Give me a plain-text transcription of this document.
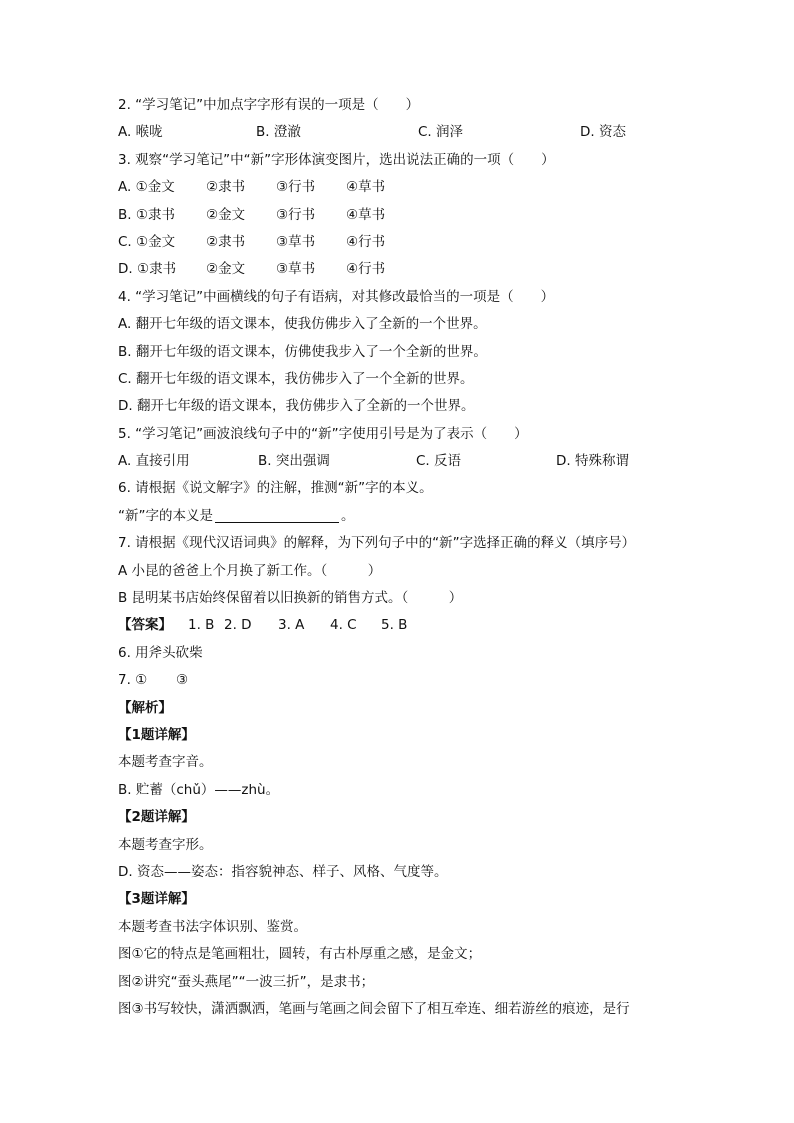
2. “学习笔记”中加点字字形有误的一项是（　　）
A. 喉咙	B. 澄澈	C. 润泽	D. 资态
3. 观察“学习笔记”中“新”字形体演变图片，选出说法正确的一项（　　）
A. ①金文 ②隶书 ③行书 ④草书
B. ①隶书 ②金文 ③行书 ④草书
C. ①金文 ②隶书 ③草书 ④行书
D. ①隶书 ②金文 ③草书 ④行书
4. “学习笔记”中画横线的句子有语病，对其修改最恰当的一项是（　　）
A. 翻开七年级的语文课本，使我仿佛步入了全新的一个世界。
B. 翻开七年级的语文课本，仿佛使我步入了一个全新的世界。
C. 翻开七年级的语文课本，我仿佛步入了一个全新的世界。
D. 翻开七年级的语文课本，我仿佛步入了全新的一个世界。
5. “学习笔记”画波浪线句子中的“新”字使用引号是为了表示（　　）
A. 直接引用	B. 突出强调	C. 反语	D. 特殊称谓
6. 请根据《说文解字》的注解，推测“新”字的本义。
“新”字的本义是	。
7. 请根据《现代汉语词典》的解释，为下列句子中的“新”字选择正确的释义（填序号）
A 小昆的爸爸上个月换了新工作。（　　　）
B 昆明某书店始终保留着以旧换新的销售方式。（　　　）
【答案】 1. B 2. D 3. A 4. C 5. B
6. 用斧头砍柴
7. ① ③
【解析】
【1题详解】
本题考查字音。
B. 贮蓄（chǔ）——zhù。
【2题详解】
本题考查字形。
D. 资态——姿态：指容貌神态、样子、风格、气度等。
【3题详解】
本题考查书法字体识别、鉴赏。
图①它的特点是笔画粗壮，圆转，有古朴厚重之感，是金文；
图②讲究“蚕头燕尾”“一波三折”，是隶书；
图③书写较快，潇洒飘洒，笔画与笔画之间会留下了相互牵连、细若游丝的痕迹，是行
